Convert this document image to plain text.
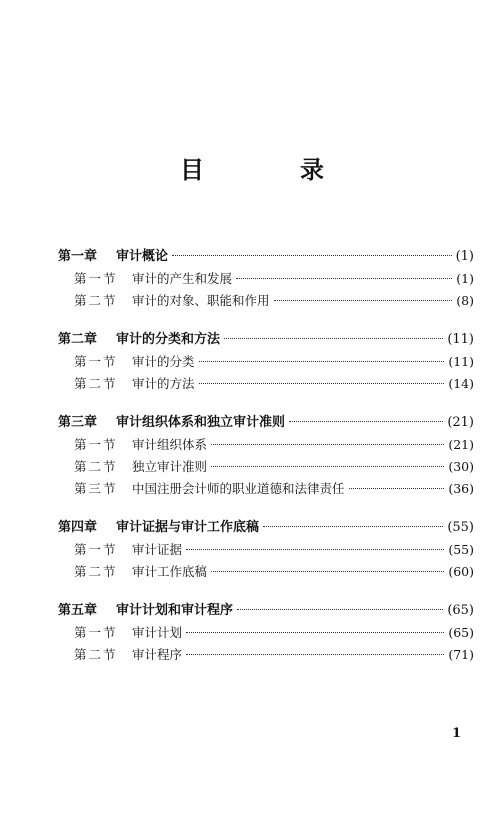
目　录
第一章	审计概论	(1)
第一节	审计的产生和发展	(1)
第二节	审计的对象、职能和作用	(8)
第二章	审计的分类和方法	(11)
第一节	审计的分类	(11)
第二节	审计的方法	(14)
第三章	审计组织体系和独立审计准则	(21)
第一节	审计组织体系	(21)
第二节	独立审计准则	(30)
第三节	中国注册会计师的职业道德和法律责任	(36)
第四章	审计证据与审计工作底稿	(55)
第一节	审计证据	(55)
第二节	审计工作底稿	(60)
第五章	审计计划和审计程序	(65)
第一节	审计计划	(65)
第二节	审计程序	(71)
1
